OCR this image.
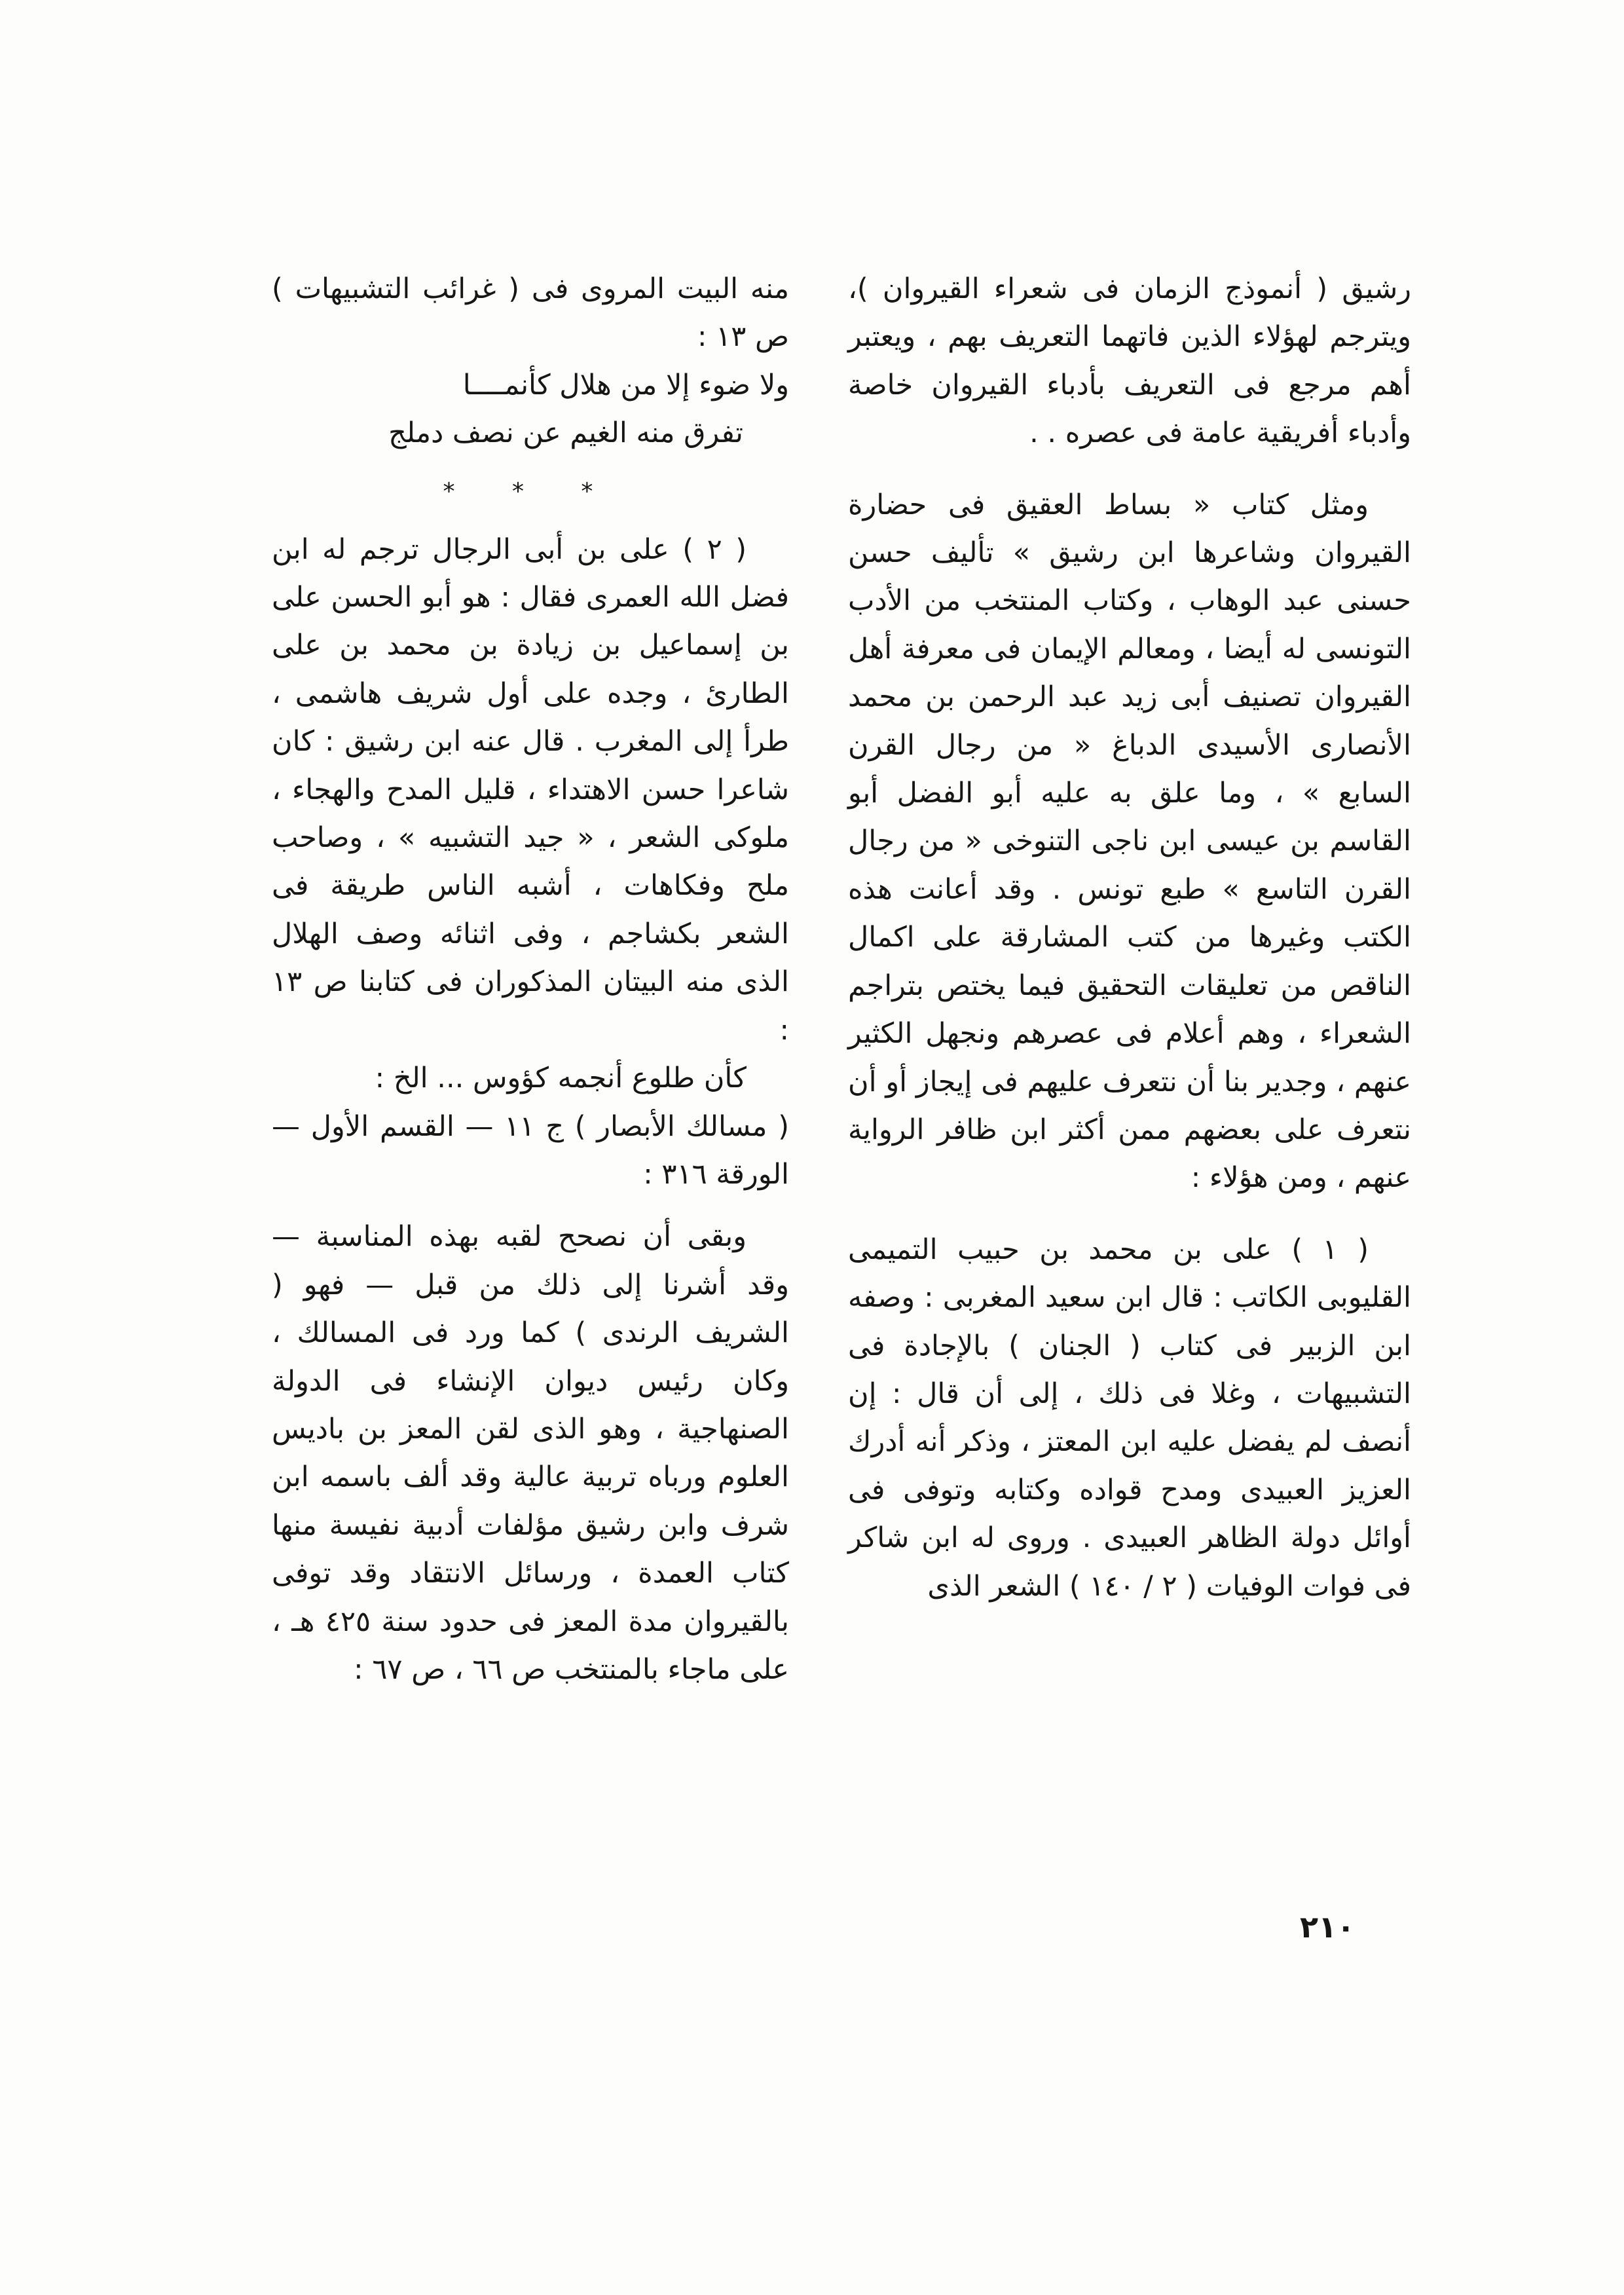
رشيق ( أنموذج الزمان فى شعراء القيروان )، ويترجم لهؤلاء الذين فاتهما التعريف بهم ، ويعتبر أهم مرجع فى التعريف بأدباء القيروان خاصة وأدباء أفريقية عامة فى عصره . .

ومثل كتاب « بساط العقيق فى حضارة القيروان وشاعرها ابن رشيق » تأليف حسن حسنى عبد الوهاب ، وكتاب المنتخب من الأدب التونسى له أيضا ، ومعالم الإيمان فى معرفة أهل القيروان تصنيف أبى زيد عبد الرحمن بن محمد الأنصارى الأسيدى الدباغ « من رجال القرن السابع » ، وما علق به عليه أبو الفضل أبو القاسم بن عيسى ابن ناجى التنوخى « من رجال القرن التاسع » طبع تونس . وقد أعانت هذه الكتب وغيرها من كتب المشارقة على اكمال الناقص من تعليقات التحقيق فيما يختص بتراجم الشعراء ، وهم أعلام فى عصرهم ونجهل الكثير عنهم ، وجدير بنا أن نتعرف عليهم فى إيجاز أو أن نتعرف على بعضهم ممن أكثر ابن ظافر الرواية عنهم ، ومن هؤلاء :

( ١ ) على بن محمد بن حبيب التميمى القليوبى الكاتب : قال ابن سعيد المغربى : وصفه ابن الزبير فى كتاب ( الجنان ) بالإجادة فى التشبيهات ، وغلا فى ذلك ، إلى أن قال : إن أنصف لم يفضل عليه ابن المعتز ، وذكر أنه أدرك العزيز العبيدى ومدح قواده وكتابه وتوفى فى أوائل دولة الظاهر العبيدى . وروى له ابن شاكر فى فوات الوفيات ( ٢ / ١٤٠ ) الشعر الذى

منه البيت المروى فى ( غرائب التشبيهات ) ص ١٣ :

ولا ضوء إلا من هلال كأنمــــا

تفرق منه الغيم عن نصف دملج

* * *

( ٢ ) على بن أبى الرجال ترجم له ابن فضل الله العمرى فقال : هو أبو الحسن على بن إسماعيل بن زيادة بن محمد بن على الطارئ ، وجده على أول شريف هاشمى ، طرأ إلى المغرب . قال عنه ابن رشيق : كان شاعرا حسن الاهتداء ، قليل المدح والهجاء ، ملوكى الشعر ، « جيد التشبيه » ، وصاحب ملح وفكاهات ، أشبه الناس طريقة فى الشعر بكشاجم ، وفى اثنائه وصف الهلال الذى منه البيتان المذكوران فى كتابنا ص ١٣ :

كأن طلوع أنجمه كؤوس ... الخ :

( مسالك الأبصار ) ج ١١ — القسم الأول — الورقة ٣١٦ :

وبقى أن نصحح لقبه بهذه المناسبة — وقد أشرنا إلى ذلك من قبل — فهو ( الشريف الرندى ) كما ورد فى المسالك ، وكان رئيس ديوان الإنشاء فى الدولة الصنهاجية ، وهو الذى لقن المعز بن باديس العلوم ورباه تربية عالية وقد ألف باسمه ابن شرف وابن رشيق مؤلفات أدبية نفيسة منها كتاب العمدة ، ورسائل الانتقاد وقد توفى بالقيروان مدة المعز فى حدود سنة ٤٢٥ هـ ، على ماجاء بالمنتخب ص ٦٦ ، ص ٦٧ :

٢١٠
